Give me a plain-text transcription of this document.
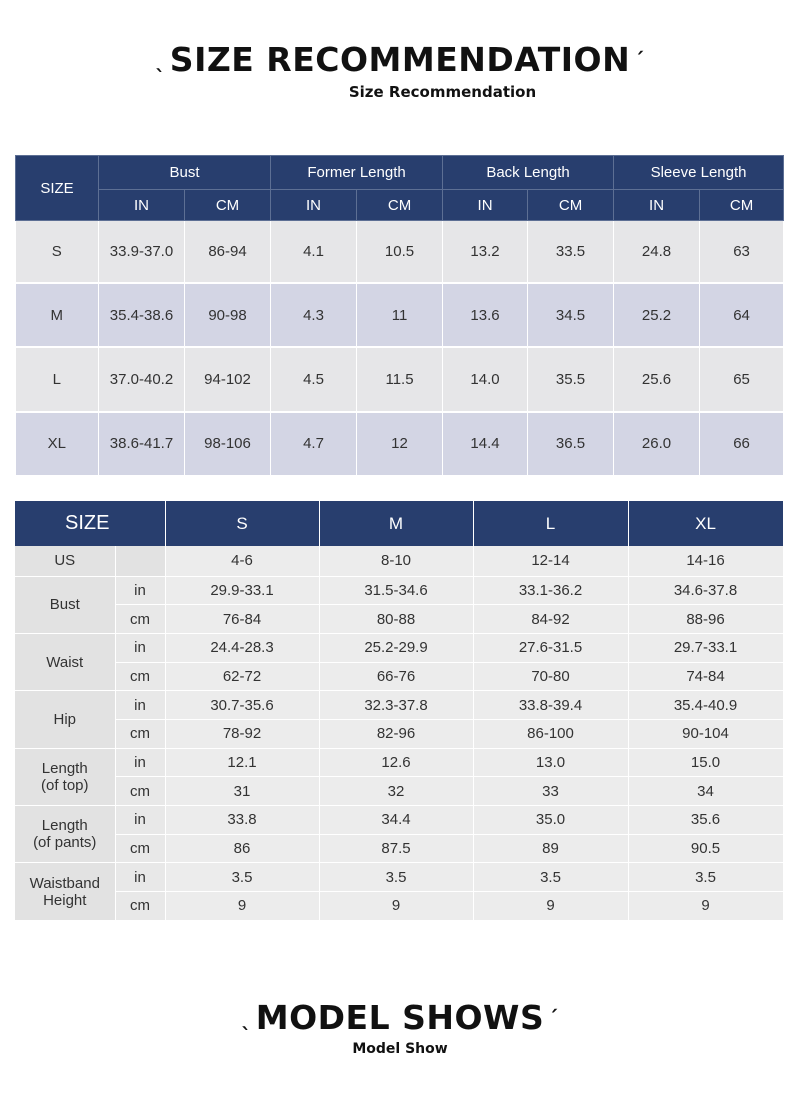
ˎ SIZE RECOMMENDATION ˊ
Size Recommendation
SIZE	Bust		Former Length		Back Length		Sleeve Length	
	IN	CM	IN	CM	IN	CM	IN	CM
S	33.9-37.0	86-94	4.1	10.5	13.2	33.5	24.8	63
M	35.4-38.6	90-98	4.3	11	13.6	34.5	25.2	64
L	37.0-40.2	94-102	4.5	11.5	14.0	35.5	25.6	65
XL	38.6-41.7	98-106	4.7	12	14.4	36.5	26.0	66
SIZE		S	M	L	XL
US		4-6	8-10	12-14	14-16

Bust	in	29.9-33.1	31.5-34.6	33.1-36.2	34.6-37.8
	cm	76-84	80-88	84-92	88-96

Waist	in	24.4-28.3	25.2-29.9	27.6-31.5	29.7-33.1
	cm	62-72	66-76	70-80	74-84

Hip	in	30.7-35.6	32.3-37.8	33.8-39.4	35.4-40.9
	cm	78-92	82-96	86-100	90-104

Length
(of top)	in	12.1	12.6	13.0	15.0
	cm	31	32	33	34

Length
(of pants)	in	33.8	34.4	35.0	35.6
	cm	86	87.5	89	90.5

Waistband
Height	in	3.5	3.5	3.5	3.5
	cm	9	9	9	9
ˎ MODEL SHOWS ˊ
Model Show
